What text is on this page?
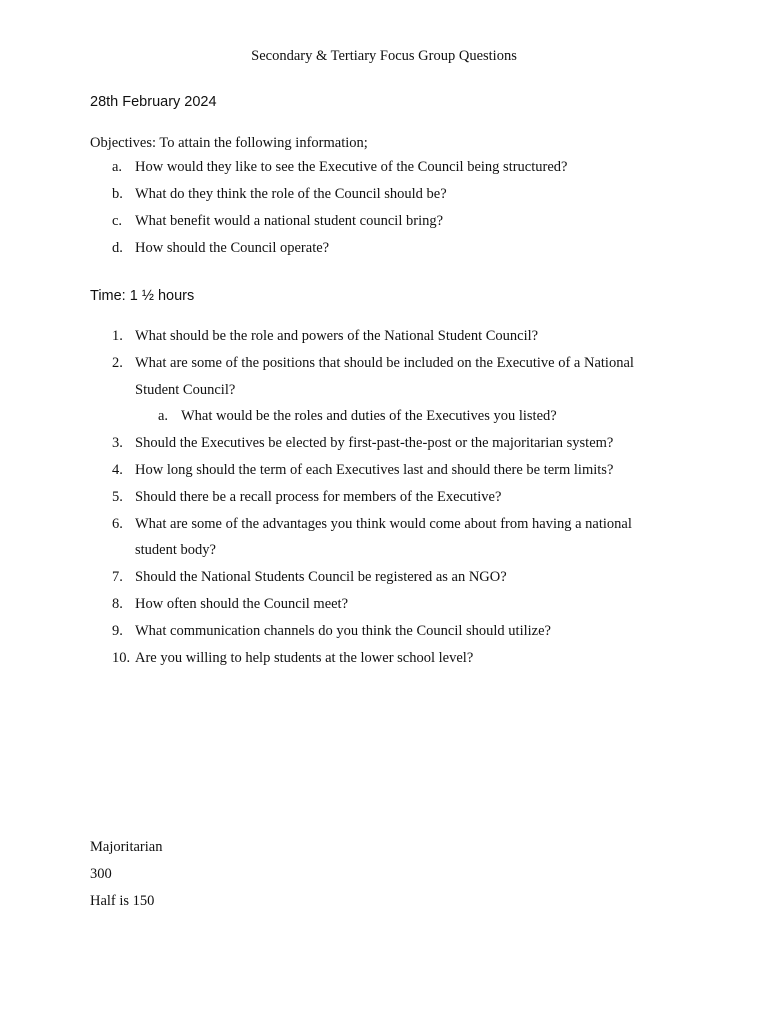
Secondary & Tertiary Focus Group Questions
28th February 2024
Objectives: To attain the following information;
a. How would they like to see the Executive of the Council being structured?
b. What do they think the role of the Council should be?
c. What benefit would a national student council bring?
d. How should the Council operate?
Time: 1 ½ hours
1. What should be the role and powers of the National Student Council?
2. What are some of the positions that should be included on the Executive of a National Student Council?
a. What would be the roles and duties of the Executives you listed?
3. Should the Executives be elected by first-past-the-post or the majoritarian system?
4. How long should the term of each Executives last and should there be term limits?
5. Should there be a recall process for members of the Executive?
6. What are some of the advantages you think would come about from having a national student body?
7. Should the National Students Council be registered as an NGO?
8. How often should the Council meet?
9. What communication channels do you think the Council should utilize?
10. Are you willing to help students at the lower school level?
Majoritarian
300
Half is 150
